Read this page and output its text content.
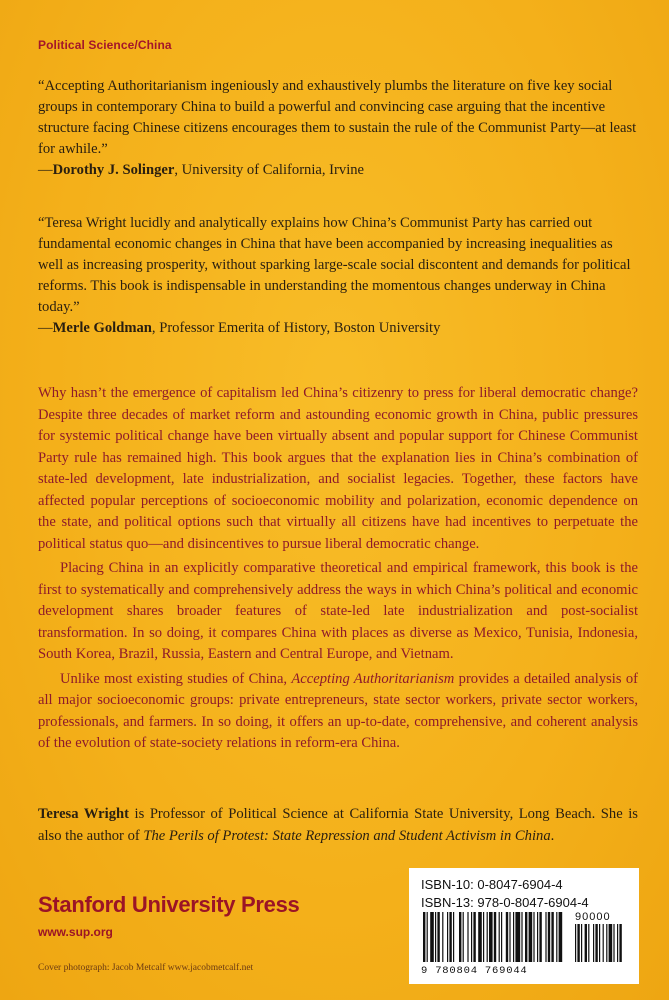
Political Science/China

“Accepting Authoritarianism ingeniously and exhaustively plumbs the literature on five key social groups in contemporary China to build a powerful and convincing case arguing that the incentive structure facing Chinese citizens encourages them to sustain the rule of the Communist Party—at least for awhile.”

—Dorothy J. Solinger, University of California, Irvine

“Teresa Wright lucidly and analytically explains how China’s Communist Party has carried out fundamental economic changes in China that have been accompanied by increasing inequalities as well as increasing prosperity, without sparking large-scale social discontent and demands for political reforms. This book is indispensable in understanding the momentous changes underway in China today.”

—Merle Goldman, Professor Emerita of History, Boston University

Why hasn’t the emergence of capitalism led China’s citizenry to press for liberal democratic change? Despite three decades of market reform and astounding economic growth in China, public pressures for systemic political change have been virtually absent and popular support for Chinese Communist Party rule has remained high. This book argues that the explanation lies in China’s combination of state-led development, late industrialization, and socialist legacies. Together, these factors have affected popular perceptions of socioeconomic mobility and polarization, economic dependence on the state, and political options such that virtually all citizens have had incentives to perpetuate the political status quo—and disincentives to pursue liberal democratic change.

Placing China in an explicitly comparative theoretical and empirical framework, this book is the first to systematically and comprehensively address the ways in which China’s political and economic development shares broader features of state-led late industrialization and post-socialist transformation. In so doing, it compares China with places as diverse as Mexico, Tunisia, Indonesia, South Korea, Brazil, Russia, Eastern and Central Europe, and Vietnam.

Unlike most existing studies of China, Accepting Authoritarianism provides a detailed analysis of all major socioeconomic groups: private entrepreneurs, state sector workers, private sector workers, professionals, and farmers. In so doing, it offers an up-to-date, comprehensive, and coherent analysis of the evolution of state-society relations in reform-era China.

Teresa Wright is Professor of Political Science at California State University, Long Beach. She is also the author of The Perils of Protest: State Repression and Student Activism in China.
Stanford University Press
www.sup.org
Cover photograph: Jacob Metcalf www.jacobmetcalf.net
ISBN-10: 0-8047-6904-4
ISBN-13: 978-0-8047-6904-4
90000
9 780804 769044
